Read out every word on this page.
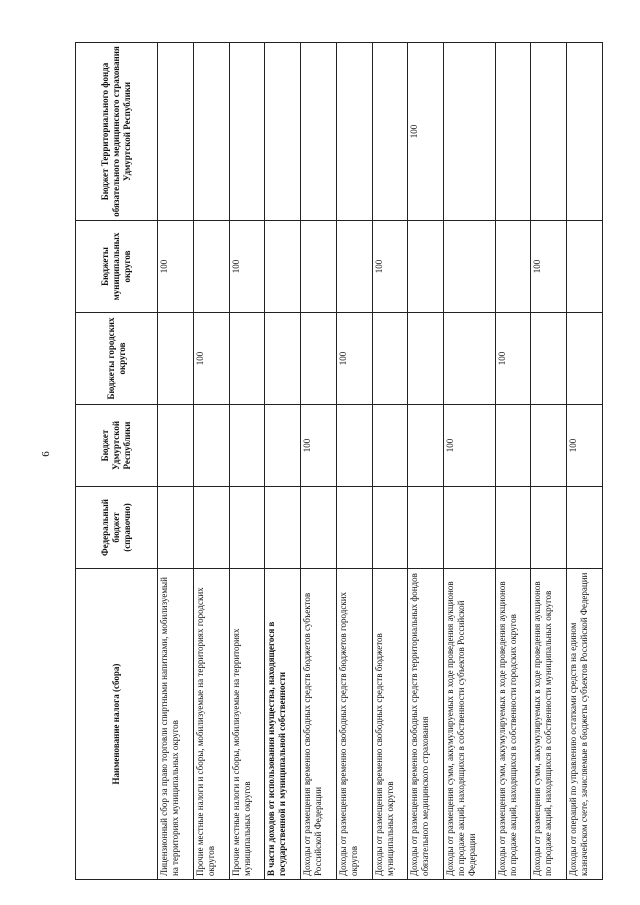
6
Наименование налога (сбора)	Федеральный бюджет (справочно)	Бюджет Удмуртской Республики	Бюджеты городских округов	Бюджеты муниципальных округов	Бюджет Территориального фонда обязательного медицинского страхования Удмуртской Республики
Лицензионный сбор за право торговли спиртными напитками, мобилизуемый на территориях муниципальных округов				100	
Прочие местные налоги и сборы, мобилизуемые на территориях городских округов			100		
Прочие местные налоги и сборы, мобилизуемые на территориях муниципальных округов				100	
В части доходов от использования имущества, находящегося в государственной и муниципальной собственности					
Доходы от размещения временно свободных средств бюджетов субъектов Российской Федерации		100			
Доходы от размещения временно свободных средств бюджетов городских округов			100		
Доходы от размещения временно свободных средств бюджетов муниципальных округов				100	
Доходы от размещения временно свободных средств территориальных фондов обязательного медицинского страхования					100
Доходы от размещения сумм, аккумулируемых в ходе проведения аукционов по продаже акций, находящихся в собственности субъектов Российской Федерации		100			
Доходы от размещения сумм, аккумулируемых в ходе проведения аукционов по продаже акций, находящихся в собственности городских округов			100		
Доходы от размещения сумм, аккумулируемых в ходе проведения аукционов по продаже акций, находящихся в собственности муниципальных округов				100	
Доходы от операций по управлению остатками средств на едином казначейском счете, зачисляемые в бюджеты субъектов Российской Федерации		100			
